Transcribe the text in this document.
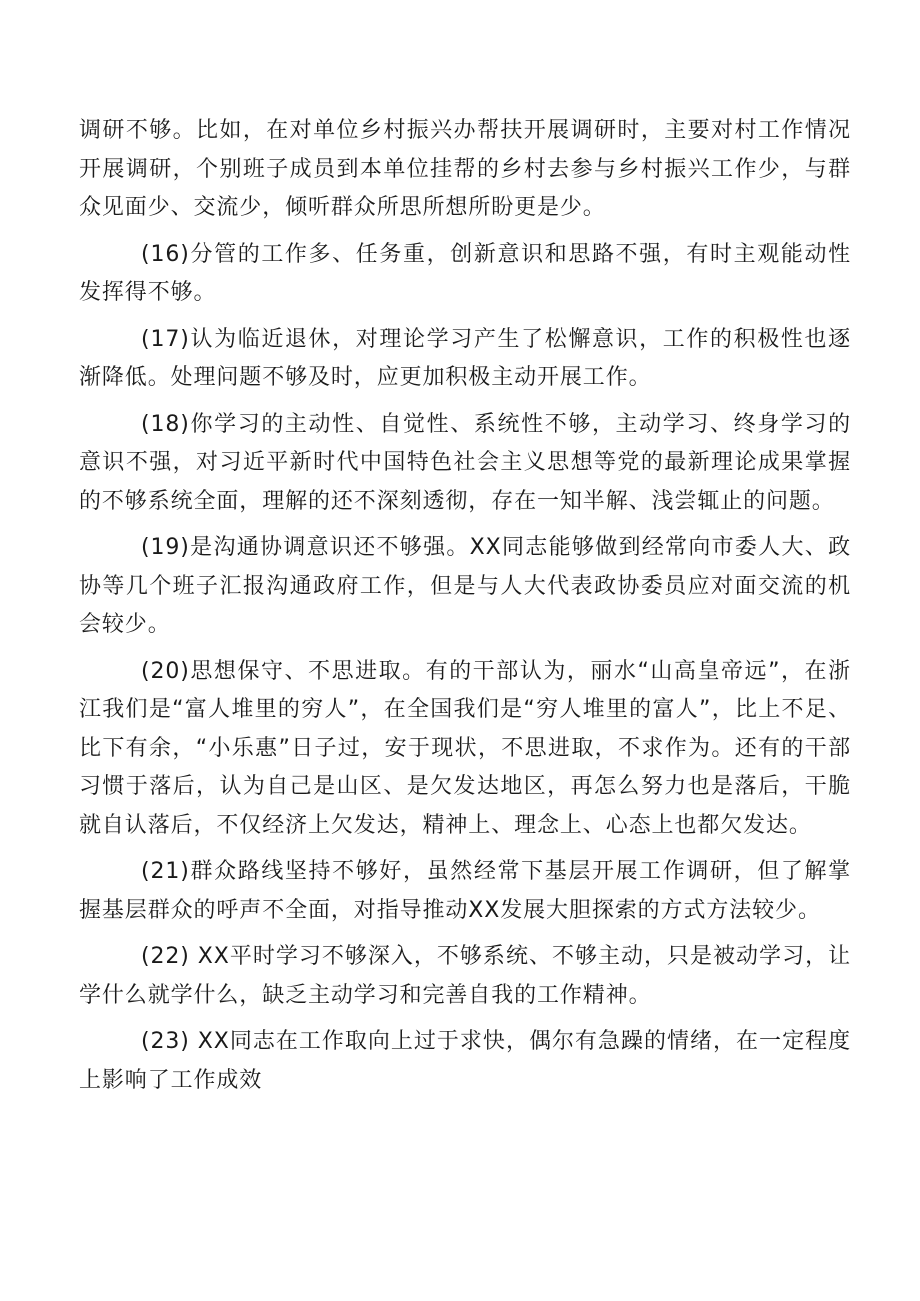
调研不够。比如，在对单位乡村振兴办帮扶开展调研时，主要对村工作情况开展调研，个别班子成员到本单位挂帮的乡村去参与乡村振兴工作少，与群众见面少、交流少，倾听群众所思所想所盼更是少。

(16)分管的工作多、任务重，创新意识和思路不强，有时主观能动性发挥得不够。

(17)认为临近退休，对理论学习产生了松懈意识，工作的积极性也逐渐降低。处理问题不够及时，应更加积极主动开展工作。

(18)你学习的主动性、自觉性、系统性不够，主动学习、终身学习的意识不强，对习近平新时代中国特色社会主义思想等党的最新理论成果掌握的不够系统全面，理解的还不深刻透彻，存在一知半解、浅尝辄止的问题。

(19)是沟通协调意识还不够强。XX同志能够做到经常向市委人大、政协等几个班子汇报沟通政府工作，但是与人大代表政协委员应对面交流的机会较少。

(20)思想保守、不思进取。有的干部认为，丽水“山高皇帝远”，在浙江我们是“富人堆里的穷人”，在全国我们是“穷人堆里的富人”，比上不足、比下有余，“小乐惠”日子过，安于现状，不思进取，不求作为。还有的干部习惯于落后，认为自己是山区、是欠发达地区，再怎么努力也是落后，干脆就自认落后，不仅经济上欠发达，精神上、理念上、心态上也都欠发达。

(21)群众路线坚持不够好，虽然经常下基层开展工作调研，但了解掌握基层群众的呼声不全面，对指导推动XX发展大胆探索的方式方法较少。

(22) XX平时学习不够深入，不够系统、不够主动，只是被动学习，让学什么就学什么，缺乏主动学习和完善自我的工作精神。

(23) XX同志在工作取向上过于求快，偶尔有急躁的情绪，在一定程度上影响了工作成效
